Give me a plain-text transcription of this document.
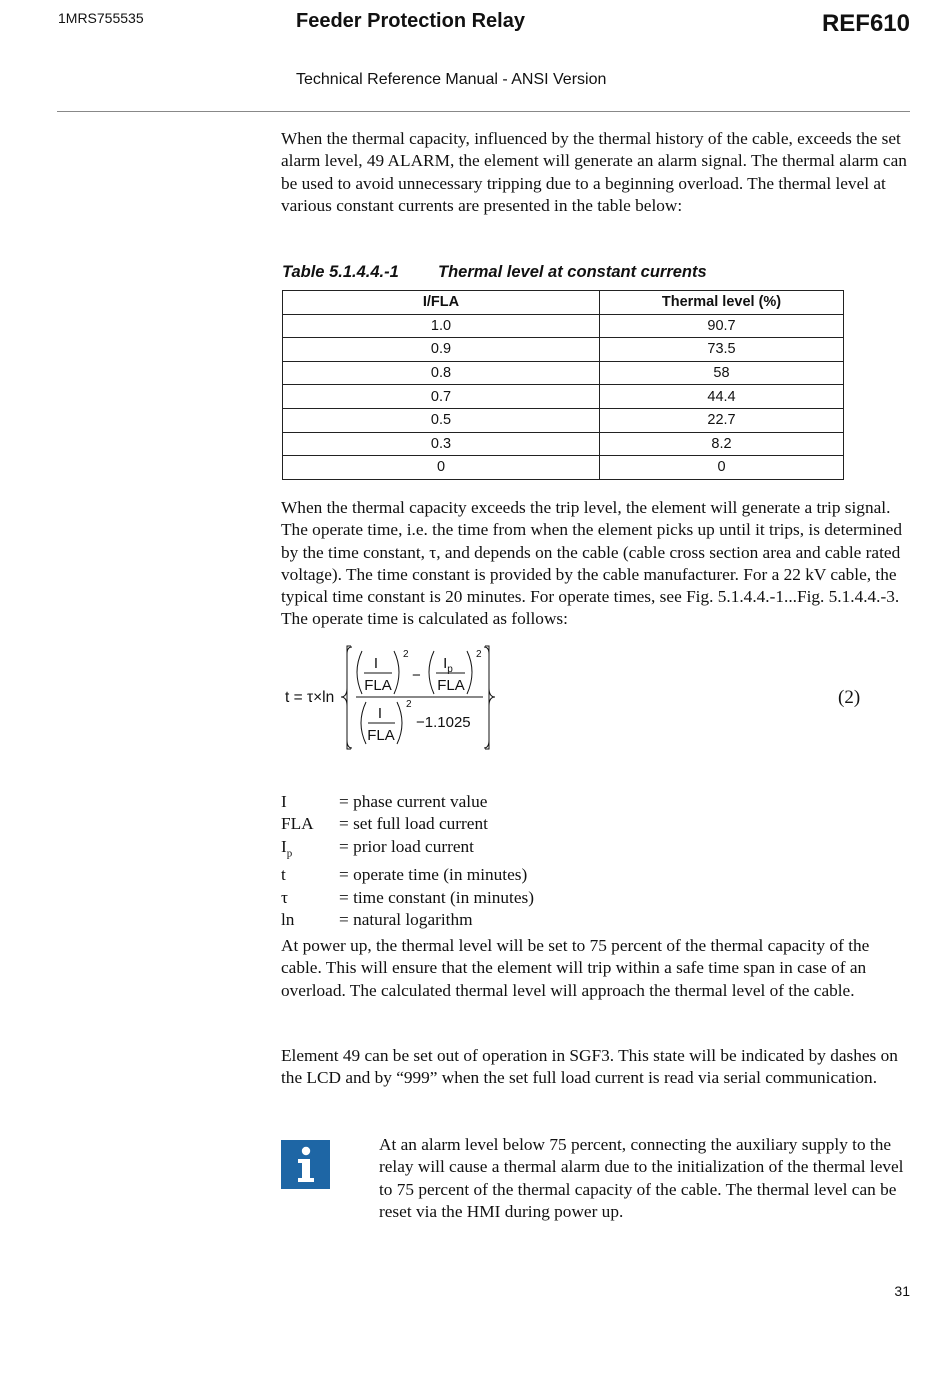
1MRS755535	Feeder Protection Relay	REF610
Technical Reference Manual - ANSI Version
When the thermal capacity, influenced by the thermal history of the cable, exceeds the set alarm level, 49 ALARM, the element will generate an alarm signal. The thermal alarm can be used to avoid unnecessary tripping due to a beginning overload. The thermal level at various constant currents are presented in the table below:
Table 5.1.4.4.-1 Thermal level at constant currents
I/FLA	Thermal level (%)
1.0	90.7
0.9	73.5
0.8	58
0.7	44.4
0.5	22.7
0.3	8.2
0	0
When the thermal capacity exceeds the trip level, the element will generate a trip signal. The operate time, i.e. the time from when the element picks up until it trips, is determined by the time constant, τ, and depends on the cable (cable cross section area and cable rated voltage). The time constant is provided by the cable manufacturer. For a 22 kV cable, the typical time constant is 20 minutes. For operate times, see Fig. 5.1.4.4.-1...Fig. 5.1.4.4.-3. The operate time is calculated as follows:
t = τ×ln
I
FLA
2
−
$I_p$
FLA
2
I
FLA
2
−1.1025
(2)
I	= phase current value
FLA	= set full load current
$I_p$	= prior load current
t	= operate time (in minutes)
τ	= time constant (in minutes)
ln	= natural logarithm
At power up, the thermal level will be set to 75 percent of the thermal capacity of the cable. This will ensure that the element will trip within a safe time span in case of an overload. The calculated thermal level will approach the thermal level of the cable.
Element 49 can be set out of operation in SGF3. This state will be indicated by dashes on the LCD and by “999” when the set full load current is read via serial communication.
At an alarm level below 75 percent, connecting the auxiliary supply to the relay will cause a thermal alarm due to the initialization of the thermal level to 75 percent of the thermal capacity of the cable. The thermal level can be reset via the HMI during power up.
31
